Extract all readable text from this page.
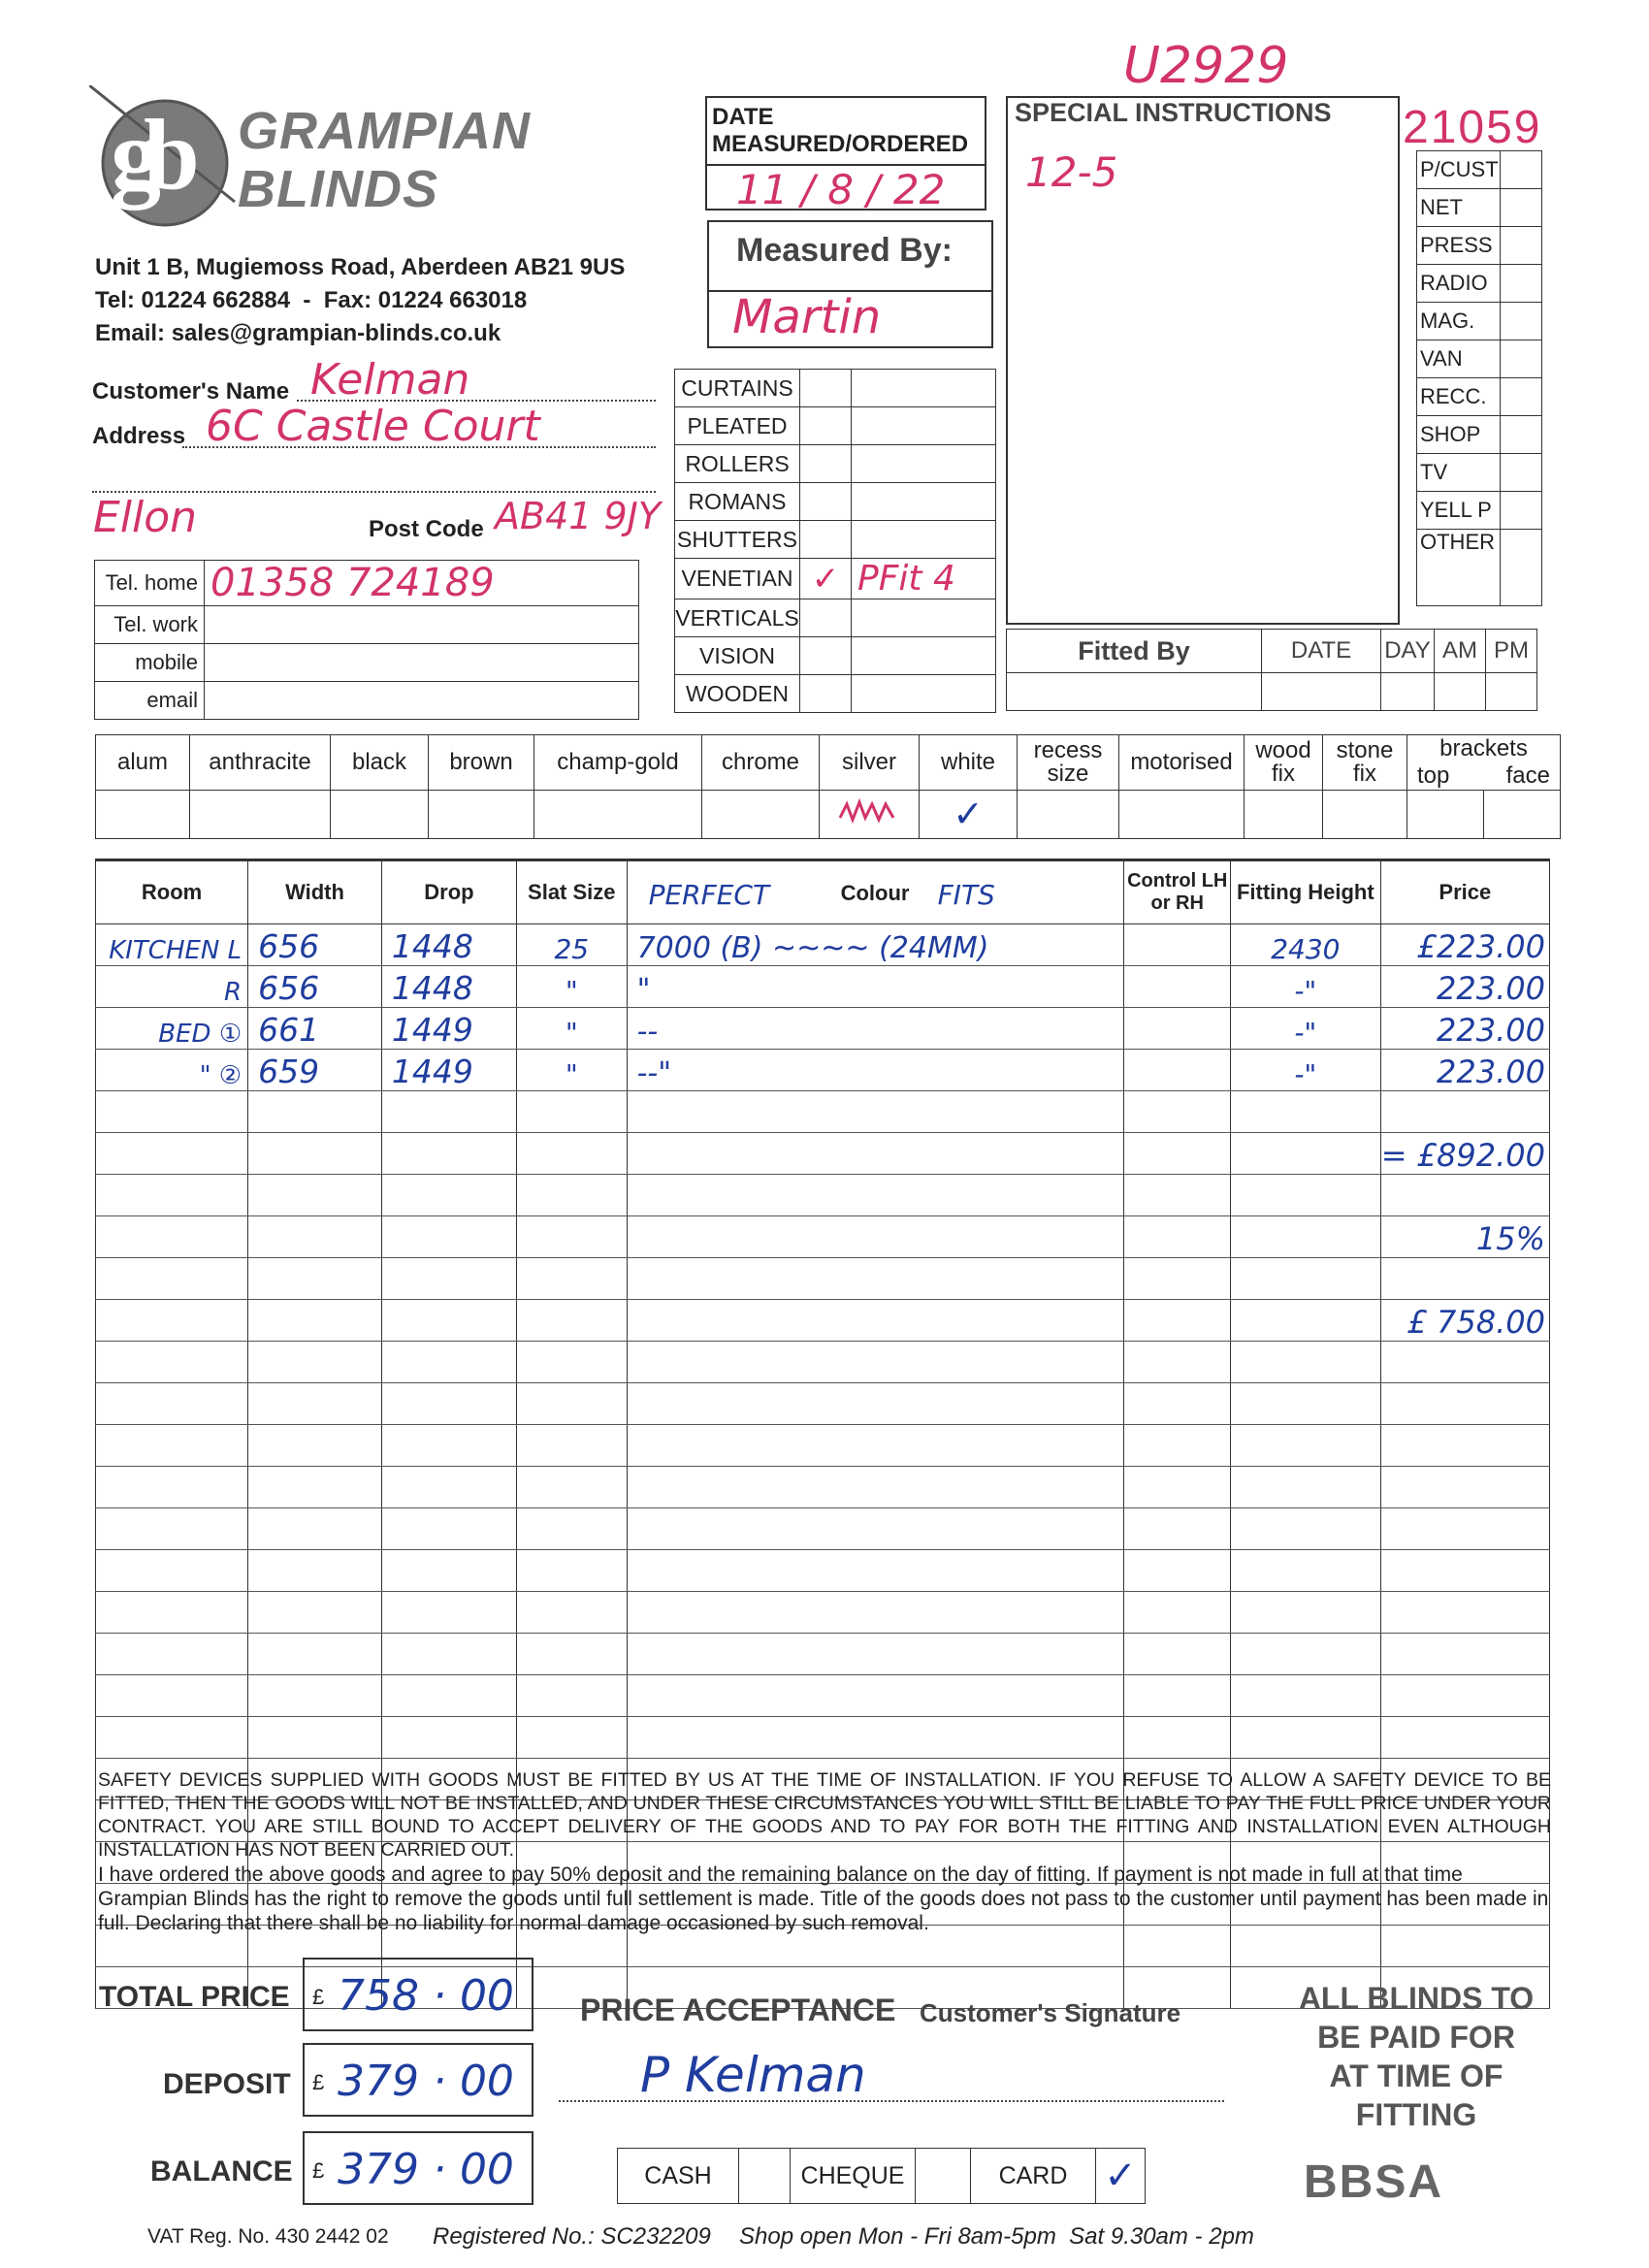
gb GRAMPIAN
BLINDS
Unit 1 B, Mugiemoss Road, Aberdeen AB21 9US
Tel: 01224 662884  -  Fax: 01224 663018
Email: sales@grampian-blinds.co.uk
Customer's Name Kelman
Address 6C Castle Court
Ellon	Post Code AB41 9JY
Tel. home	01358 724189
Tel. work	
mobile	
email	
DATE
MEASURED/ORDERED
11 / 8 / 22
Measured By:
Martin
CURTAINS		
PLEATED		
ROLLERS		
ROMANS		
SHUTTERS		
VENETIAN	✓	PFit 4
VERTICALS		
VISION		
WOODEN		
U2929
SPECIAL INSTRUCTIONS
12-5
21059
P/CUST	
NET	
PRESS	
RADIO	
MAG.	
VAN	
RECC.	
SHOP	
TV	
YELL P	
OTHER	
Fitted By	DATE	DAY	AM	PM

alum	anthracite	black	brown	champ-gold	chrome	silver	white	recess size	motorised	wood fix	stone fix	brackets
top face	

							✓						
Room	Width	Drop	Slat Size	PERFECT Colour FITS	Control LH or RH	Fitting Height	Price
KITCHEN L	656	1448	25	7000 (B) ~~~~ (24MM)		2430	£223.00
R	656	1448	"	"		-"	223.00
BED ①	661	1449	"	--		-"	223.00
" ②	659	1449	"	--"		-"	223.00

							= £892.00

							15%

							£ 758.00

SAFETY DEVICES SUPPLIED WITH GOODS MUST BE FITTED BY US AT THE TIME OF INSTALLATION. IF YOU REFUSE TO ALLOW A SAFETY DEVICE TO BE FITTED, THEN THE GOODS WILL NOT BE INSTALLED, AND UNDER THESE CIRCUMSTANCES YOU WILL STILL BE LIABLE TO PAY THE FULL PRICE UNDER YOUR CONTRACT. YOU ARE STILL BOUND TO ACCEPT DELIVERY OF THE GOODS AND TO PAY FOR BOTH THE FITTING AND INSTALLATION EVEN ALTHOUGH INSTALLATION HAS NOT BEEN CARRIED OUT.
I have ordered the above goods and agree to pay 50% deposit and the remaining balance on the day of fitting. If payment is not made in full at that time Grampian Blinds has the right to remove the goods until full settlement is made. Title of the goods does not pass to the customer until payment has been made in full. Declaring that there shall be no liability for normal damage occasioned by such removal.
TOTAL PRICE £ 758 · 00
DEPOSIT £ 379 · 00
BALANCE £ 379 · 00
PRICE ACCEPTANCE Customer's Signature
P Kelman
CASH		CHEQUE		CARD	✓
ALL BLINDS TO
BE PAID FOR
AT TIME OF
FITTING
BBSA
VAT Reg. No. 430 2442 02 Registered No.: SC232209 Shop open Mon - Fri 8am-5pm  Sat 9.30am - 2pm
